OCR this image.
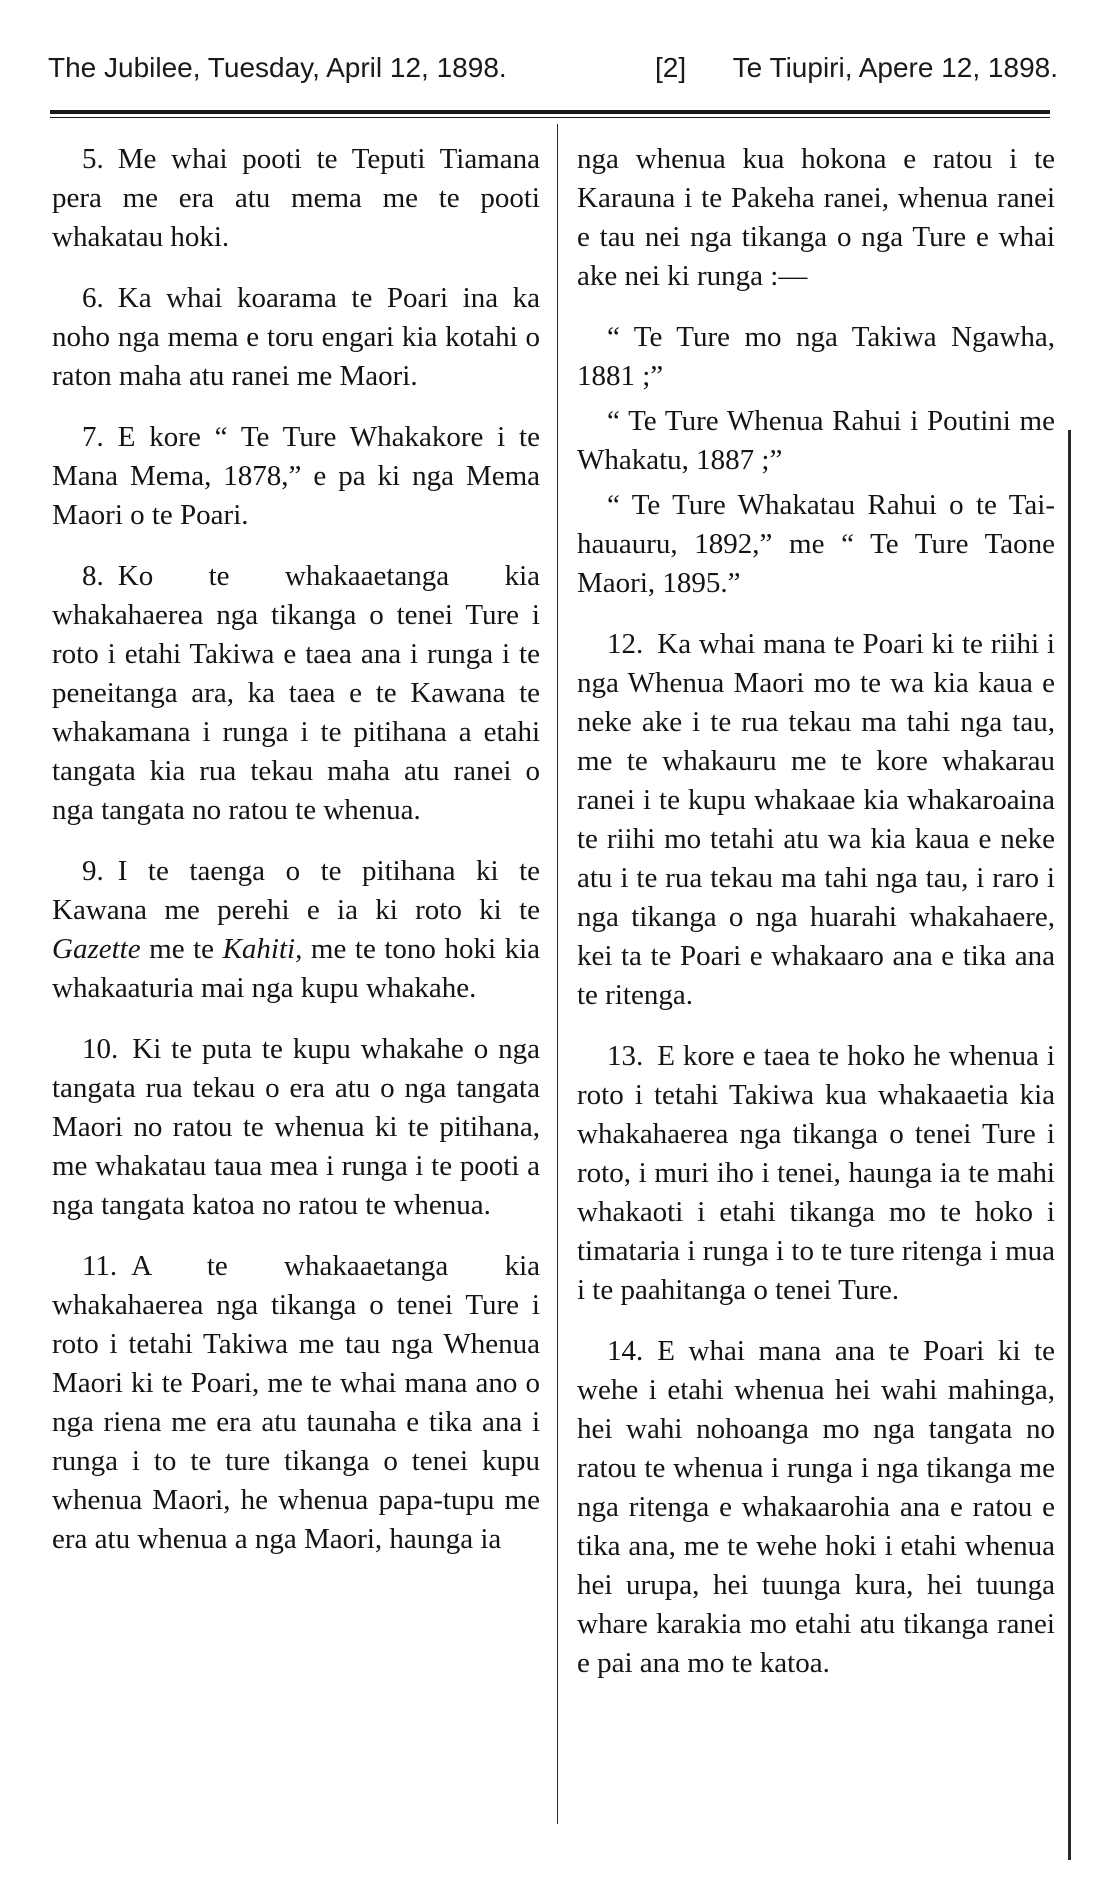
The Jubilee, Tuesday, April 12, 1898.	[2] Te Tiupiri, Apere 12, 1898.

5. Me whai pooti te Teputi Tiamana pera me era atu mema me te pooti whakatau hoki.

6. Ka whai koarama te Poari ina ka noho nga mema e toru engari kia kotahi o raton maha atu ranei me Maori.

7. E kore “ Te Ture Whakakore i te Mana Mema, 1878,” e pa ki nga Mema Maori o te Poari.

8. Ko te whakaaetanga kia whakahaerea nga tikanga o tenei Ture i roto i etahi Takiwa e taea ana i runga i te peneitanga ara, ka taea e te Kawana te whakamana i runga i te pitihana a etahi tangata kia rua tekau maha atu ranei o nga tangata no ratou te whenua.

9. I te taenga o te pitihana ki te Kawana me perehi e ia ki roto ki te Gazette me te Kahiti, me te tono hoki kia whakaaturia mai nga kupu whakahe.

10. Ki te puta te kupu whakahe o nga tangata rua tekau o era atu o nga tangata Maori no ratou te whenua ki te pitihana, me whakatau taua mea i runga i te pooti a nga tangata katoa no ratou te whenua.

11. A te whakaaetanga kia whakahaerea nga tikanga o tenei Ture i roto i tetahi Takiwa me tau nga Whenua Maori ki te Poari, me te whai mana ano o nga riena me era atu taunaha e tika ana i runga i to te ture tikanga o tenei kupu whenua Maori, he whenua papa-tupu me era atu whenua a nga Maori, haunga ia

nga whenua kua hokona e ratou i te Karauna i te Pakeha ranei, whenua ranei e tau nei nga tikanga o nga Ture e whai ake nei ki runga :—

“ Te Ture mo nga Takiwa Ngawha, 1881 ;”

“ Te Ture Whenua Rahui i Poutini me Whakatu, 1887 ;”

“ Te Ture Whakatau Rahui o te Tai-hauauru, 1892,” me “ Te Ture Taone Maori, 1895.”

12. Ka whai mana te Poari ki te riihi i nga Whenua Maori mo te wa kia kaua e neke ake i te rua tekau ma tahi nga tau, me te whakauru me te kore whakarau ranei i te kupu whakaae kia whakaroaina te riihi mo tetahi atu wa kia kaua e neke atu i te rua tekau ma tahi nga tau, i raro i nga tikanga o nga huarahi whakahaere, kei ta te Poari e whakaaro ana e tika ana te ritenga.

13. E kore e taea te hoko he whenua i roto i tetahi Takiwa kua whakaaetia kia whakahaerea nga tikanga o tenei Ture i roto, i muri iho i tenei, haunga ia te mahi whakaoti i etahi tikanga mo te hoko i timataria i runga i to te ture ritenga i mua i te paahitanga o tenei Ture.

14. E whai mana ana te Poari ki te wehe i etahi whenua hei wahi mahinga, hei wahi nohoanga mo nga tangata no ratou te whenua i runga i nga tikanga me nga ritenga e whakaarohia ana e ratou e tika ana, me te wehe hoki i etahi whenua hei urupa, hei tuunga kura, hei tuunga whare karakia mo etahi atu tikanga ranei e pai ana mo te katoa.
